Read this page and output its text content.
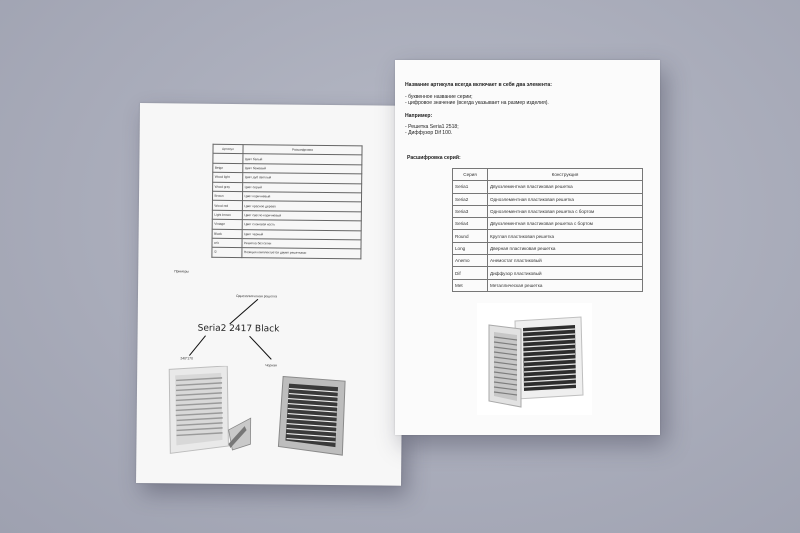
Артикул	Расшифровка
	Цвет белый
Beige	Цвет бежевый
Wood light	Цвет дуб светлый
Wood gray	Цвет серый
Brown	Цвет коричневый
Wood red	Цвет красное дерево
Light brown	Цвет светло-коричневый
Vintage	Цвет слоновая кость
Black	Цвет черный
w/o	Решетка без сетки
/2	Позиция комплектуется двумя решетками
Примеры
Однозолментная решетка
Seria2 2417 Black
240*170
Черная
Название артикула всегда включает в себя два элемента:
- буквенное название серии;
- цифровое значение (всегда указывает на размер изделия).
Например:
- Решетка Seria1 2518;
- Диффузор Dif 100.
Расшифровка серий:
Серия	Конструкция
Seria1	Двухэлементная пластиковая решетка
Seria2	Одноэлементная пластиковая решетка
Seria3	Одноэлементная пластиковая решетка с бортом
Seria4	Двухэлементная пластиковая решетка с бортом
Round	Круглая пластиковая решетка
Long	Дверная пластиковая решетка
Anemo	Анемостат пластиковый
Dif	Диффузор пластиковый
Met	Металлическая решетка
